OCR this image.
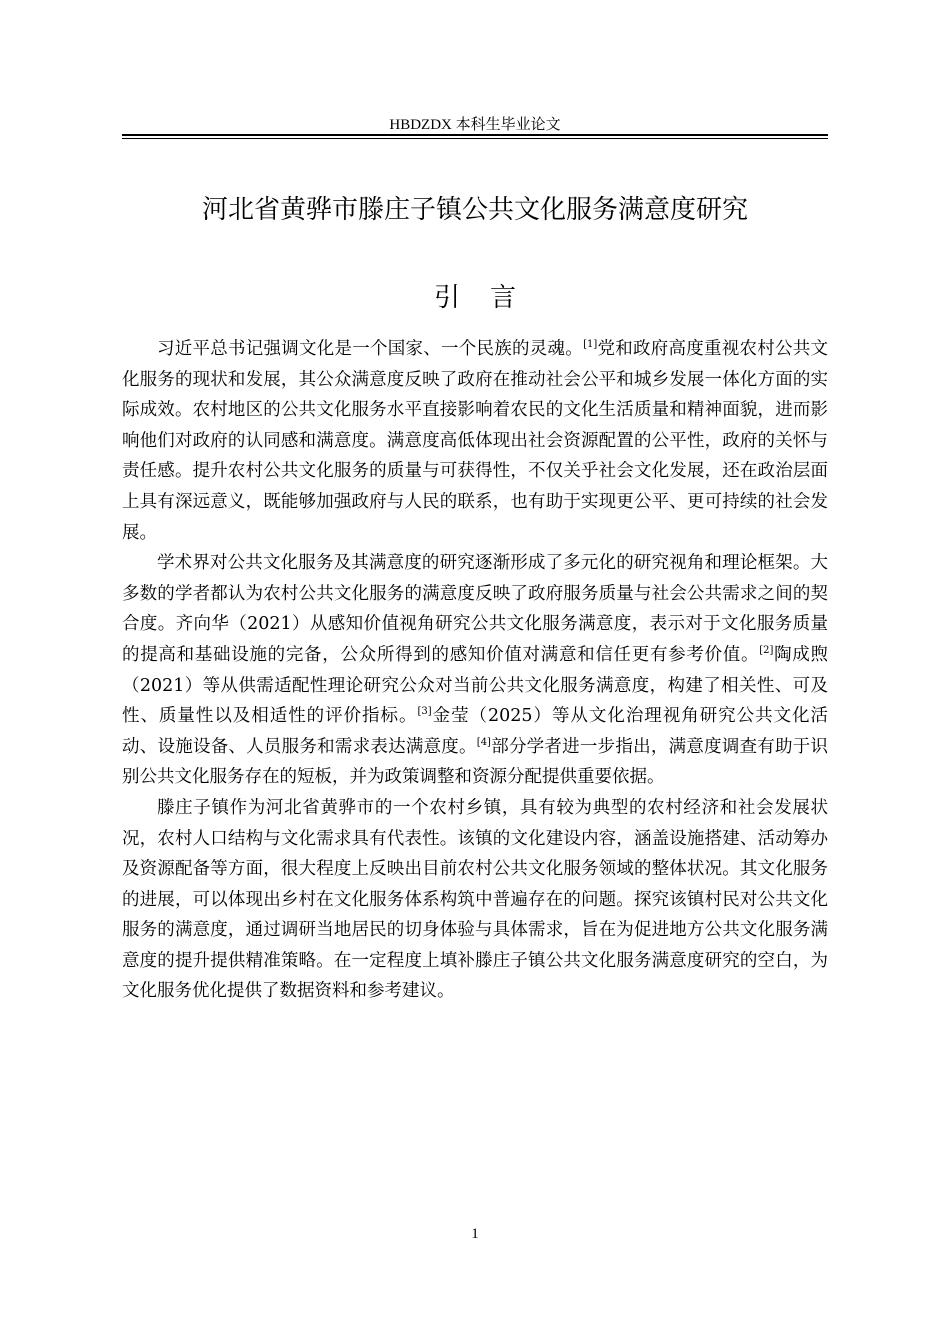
HBDZDX 本科生毕业论文
河北省黄骅市滕庄子镇公共文化服务满意度研究
引言

习近平总书记强调文化是一个国家、一个民族的灵魂。[1]党和政府高度重视农村公共文化服务的现状和发展，其公众满意度反映了政府在推动社会公平和城乡发展一体化方面的实际成效。农村地区的公共文化服务水平直接影响着农民的文化生活质量和精神面貌，进而影响他们对政府的认同感和满意度。满意度高低体现出社会资源配置的公平性，政府的关怀与责任感。提升农村公共文化服务的质量与可获得性，不仅关乎社会文化发展，还在政治层面上具有深远意义，既能够加强政府与人民的联系，也有助于实现更公平、更可持续的社会发展。

学术界对公共文化服务及其满意度的研究逐渐形成了多元化的研究视角和理论框架。大多数的学者都认为农村公共文化服务的满意度反映了政府服务质量与社会公共需求之间的契合度。齐向华（2021）从感知价值视角研究公共文化服务满意度，表示对于文化服务质量的提高和基础设施的完备，公众所得到的感知价值对满意和信任更有参考价值。[2]陶成煦（2021）等从供需适配性理论研究公众对当前公共文化服务满意度，构建了相关性、可及性、质量性以及相适性的评价指标。[3]金莹（2025）等从文化治理视角研究公共文化活动、设施设备、人员服务和需求表达满意度。[4]部分学者进一步指出，满意度调查有助于识别公共文化服务存在的短板，并为政策调整和资源分配提供重要依据。

滕庄子镇作为河北省黄骅市的一个农村乡镇，具有较为典型的农村经济和社会发展状况，农村人口结构与文化需求具有代表性。该镇的文化建设内容，涵盖设施搭建、活动筹办及资源配备等方面，很大程度上反映出目前农村公共文化服务领域的整体状况。其文化服务的进展，可以体现出乡村在文化服务体系构筑中普遍存在的问题。探究该镇村民对公共文化服务的满意度，通过调研当地居民的切身体验与具体需求，旨在为促进地方公共文化服务满意度的提升提供精准策略。在一定程度上填补滕庄子镇公共文化服务满意度研究的空白，为文化服务优化提供了数据资料和参考建议。

1
